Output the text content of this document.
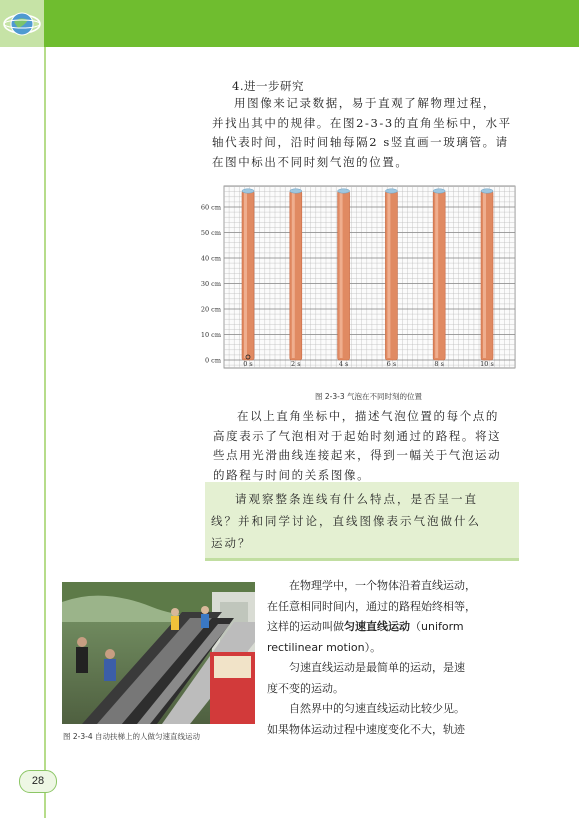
4.进一步研究

用图像来记录数据，易于直观了解物理过程，

并找出其中的规律。在图2-3-3的直角坐标中，水平

轴代表时间，沿时间轴每隔2 s竖直画一玻璃管。请

在图中标出不同时刻气泡的位置。

60 cm
50 cm
40 cm
30 cm
20 cm
10 cm
0 cm	0 s	2 s	4 s	6 s	8 s	10 s
图 2-3-3 气泡在不同时刻的位置

在以上直角坐标中，描述气泡位置的每个点的

高度表示了气泡相对于起始时刻通过的路程。将这

些点用光滑曲线连接起来，得到一幅关于气泡运动

的路程与时间的关系图像。

请观察整条连线有什么特点，是否呈一直
线？并和同学讨论，直线图像表示气泡做什么
运动？
图 2-3-4 自动扶梯上的人做匀速直线运动

在物理学中，一个物体沿着直线运动，

在任意相同时间内，通过的路程始终相等，

这样的运动叫做匀速直线运动（uniform

rectilinear motion）。

匀速直线运动是最简单的运动，是速

度不变的运动。

自然界中的匀速直线运动比较少见。

如果物体运动过程中速度变化不大，轨迹

28
